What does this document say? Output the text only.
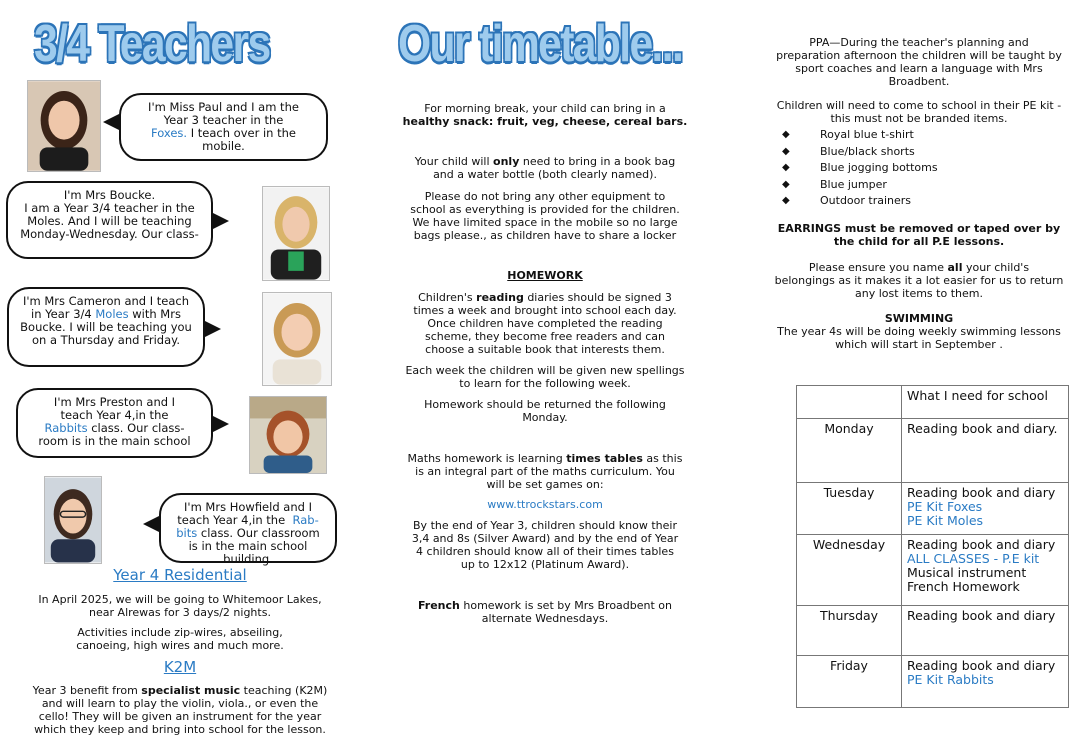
3/4 Teachers
I'm Miss Paul and I am the
Year 3 teacher in the
Foxes. I teach over in the
mobile.
I'm Mrs Boucke.
I am a Year 3/4 teacher in the
Moles. And I will be teaching
Monday-Wednesday. Our class-
I'm Mrs Cameron and I teach
in Year 3/4 Moles with Mrs
Boucke. I will be teaching you
on a Thursday and Friday.
I'm Mrs Preston and I
teach Year 4,in the
Rabbits class. Our class-
room is in the main school
I'm Mrs Howfield and I
teach Year 4,in the  Rab-
bits class. Our classroom
is in the main school building.
Year 4 Residential
In April 2025, we will be going to Whitemoor Lakes,
near Alrewas for 3 days/2 nights.
Activities include zip-wires, abseiling,
canoeing, high wires and much more.
K2M
Year 3 benefit from specialist music teaching (K2M)
and will learn to play the violin, viola., or even the
cello! They will be given an instrument for the year
which they keep and bring into school for the lesson.
Our timetable...
For morning break, your child can bring in a
healthy snack: fruit, veg, cheese, cereal bars.
Your child will only need to bring in a book bag
and a water bottle (both clearly named).
Please do not bring any other equipment to
school as everything is provided for the children.
We have limited space in the mobile so no large
bags please., as children have to share a locker
HOMEWORK
Children's reading diaries should be signed 3
times a week and brought into school each day.
Once children have completed the reading
scheme, they become free readers and can
choose a suitable book that interests them.
Each week the children will be given new spellings
to learn for the following week.
Homework should be returned the following
Monday.
Maths homework is learning times tables as this
is an integral part of the maths curriculum. You
will be set games on:
www.ttrockstars.com
By the end of Year 3, children should know their
3,4 and 8s (Silver Award) and by the end of Year
4 children should know all of their times tables
up to 12x12 (Platinum Award).
French homework is set by Mrs Broadbent on
alternate Wednesdays.
PPA—During the teacher's planning and
preparation afternoon the children will be taught by
sport coaches and learn a language with Mrs
Broadbent.
Children will need to come to school in their PE kit -
this must not be branded items.
◆	Royal blue t-shirt
◆	Blue/black shorts
◆	Blue jogging bottoms
◆	Blue jumper
◆	Outdoor trainers
EARRINGS must be removed or taped over by
the child for all P.E lessons.
Please ensure you name all your child's
belongings as it makes it a lot easier for us to return
any lost items to them.
SWIMMING
The year 4s will be doing weekly swimming lessons
which will start in September .
	What I need for school
Monday	Reading book and diary.

Tuesday	Reading book and diary
PE Kit Foxes
PE Kit Moles

Wednesday	Reading book and diary
ALL CLASSES - P.E kit
Musical instrument
French Homework

Thursday	Reading book and diary

Friday	Reading book and diary
PE Kit Rabbits
